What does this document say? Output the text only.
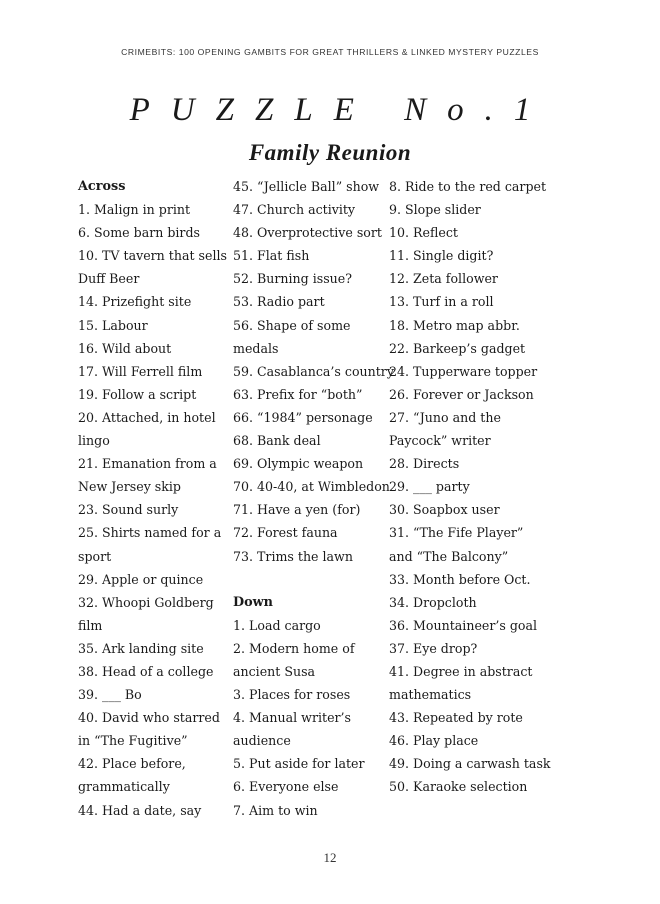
CRIMEBITS: 100 OPENING GAMBITS FOR GREAT THRILLERS & LINKED MYSTERY PUZZLES
PUZZLE No.1
Family Reunion
Across
1. Malign in print
6. Some barn birds
10. TV tavern that sells
Duff Beer
14. Prizefight site
15. Labour
16. Wild about
17. Will Ferrell film
19. Follow a script
20. Attached, in hotel
lingo
21. Emanation from a
New Jersey skip
23. Sound surly
25. Shirts named for a
sport
29. Apple or quince
32. Whoopi Goldberg
film
35. Ark landing site
38. Head of a college
39. ___ Bo
40. David who starred
in “The Fugitive”
42. Place before,
grammatically
44. Had a date, say
45. “Jellicle Ball” show
47. Church activity
48. Overprotective sort
51. Flat fish
52. Burning issue?
53. Radio part
56. Shape of some
medals
59. Casablanca’s country
63. Prefix for “both”
66. “1984” personage
68. Bank deal
69. Olympic weapon
70. 40-40, at Wimbledon
71. Have a yen (for)
72. Forest fauna
73. Trims the lawn
Down
1. Load cargo
2. Modern home of
ancient Susa
3. Places for roses
4. Manual writer’s
audience
5. Put aside for later
6. Everyone else
7. Aim to win
8. Ride to the red carpet
9. Slope slider
10. Reflect
11. Single digit?
12. Zeta follower
13. Turf in a roll
18. Metro map abbr.
22. Barkeep’s gadget
24. Tupperware topper
26. Forever or Jackson
27. “Juno and the
Paycock” writer
28. Directs
29. ___ party
30. Soapbox user
31. “The Fife Player”
and “The Balcony”
33. Month before Oct.
34. Dropcloth
36. Mountaineer’s goal
37. Eye drop?
41. Degree in abstract
mathematics
43. Repeated by rote
46. Play place
49. Doing a carwash task
50. Karaoke selection
12
